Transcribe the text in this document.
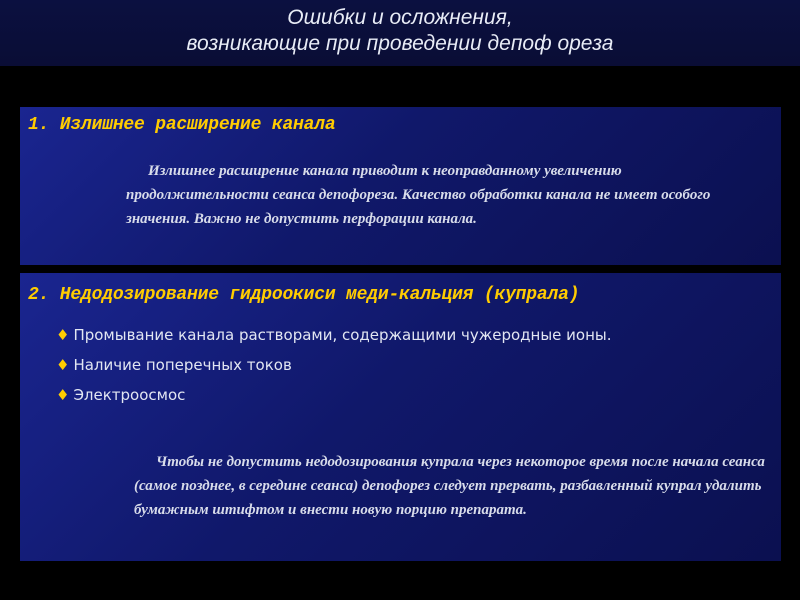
Ошибки и осложнения,
возникающие при проведении депоф ореза
1. Излишнее расширение канала
Излишнее расширение канала приводит к неоправданному увеличению продолжительности сеанса депофореза. Качество обработки канала не имеет особого значения. Важно не допустить перфорации канала.
2. Недодозирование гидроокиси меди-кальция (купрала)
♦ Промывание канала растворами, содержащими чужеродные ионы.
♦ Наличие поперечных токов
♦ Электроосмос
Чтобы не допустить недодозирования купрала через некоторое время после начала сеанса (самое позднее, в середине сеанса) депофорез следует прервать, разбавленный купрал удалить бумажным штифтом и внести новую порцию препарата.
